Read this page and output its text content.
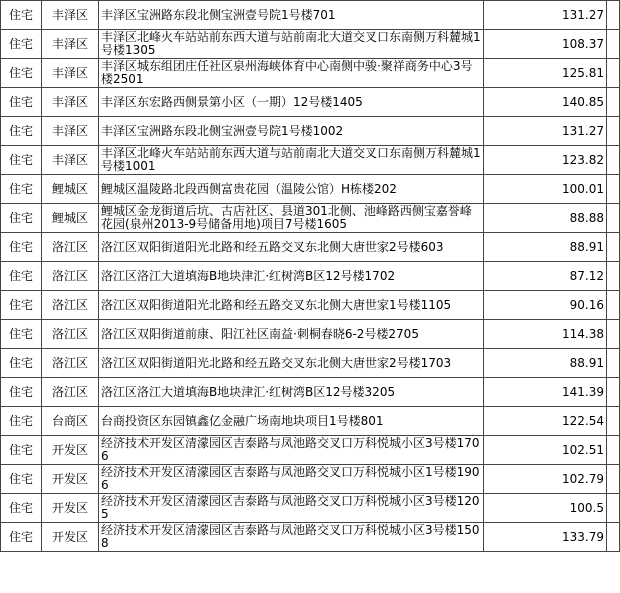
住宅	丰泽区	丰泽区宝洲路东段北侧宝洲壹号院1号楼701	131.27	
住宅	丰泽区	丰泽区北峰火车站站前东西大道与站前南北大道交叉口东南侧万科麓城1号楼1305	108.37	
住宅	丰泽区	丰泽区城东组团庄任社区泉州海峡体育中心南侧中骏·聚祥商务中心3号楼2501	125.81	
住宅	丰泽区	丰泽区东宏路西侧景第小区（一期）12号楼1405	140.85	
住宅	丰泽区	丰泽区宝洲路东段北侧宝洲壹号院1号楼1002	131.27	
住宅	丰泽区	丰泽区北峰火车站站前东西大道与站前南北大道交叉口东南侧万科麓城1号楼1001	123.82	
住宅	鲤城区	鲤城区温陵路北段西侧富贵花园（温陵公馆）H栋楼202	100.01	
住宅	鲤城区	鲤城区金龙街道后坑、古店社区、县道301北侧、池峰路西侧宝嘉誉峰花园(泉州2013-9号储备用地)项目7号楼1605	88.88	
住宅	洛江区	洛江区双阳街道阳光北路和经五路交叉东北侧大唐世家2号楼603	88.91	
住宅	洛江区	洛江区洛江大道填海B地块津汇·红树湾B区12号楼1702	87.12	
住宅	洛江区	洛江区双阳街道阳光北路和经五路交叉东北侧大唐世家1号楼1105	90.16	
住宅	洛江区	洛江区双阳街道前康、阳江社区南益·刺桐春晓6-2号楼2705	114.38	
住宅	洛江区	洛江区双阳街道阳光北路和经五路交叉东北侧大唐世家2号楼1703	88.91	
住宅	洛江区	洛江区洛江大道填海B地块津汇·红树湾B区12号楼3205	141.39	
住宅	台商区	台商投资区东园镇鑫亿金融广场南地块项目1号楼801	122.54	
住宅	开发区	经济技术开发区清濛园区吉泰路与凤池路交叉口万科悦城小区3号楼1706	102.51	
住宅	开发区	经济技术开发区清濛园区吉泰路与凤池路交叉口万科悦城小区1号楼1906	102.79	
住宅	开发区	经济技术开发区清濛园区吉泰路与凤池路交叉口万科悦城小区3号楼1205	100.5	
住宅	开发区	经济技术开发区清濛园区吉泰路与凤池路交叉口万科悦城小区3号楼1508	133.79	
